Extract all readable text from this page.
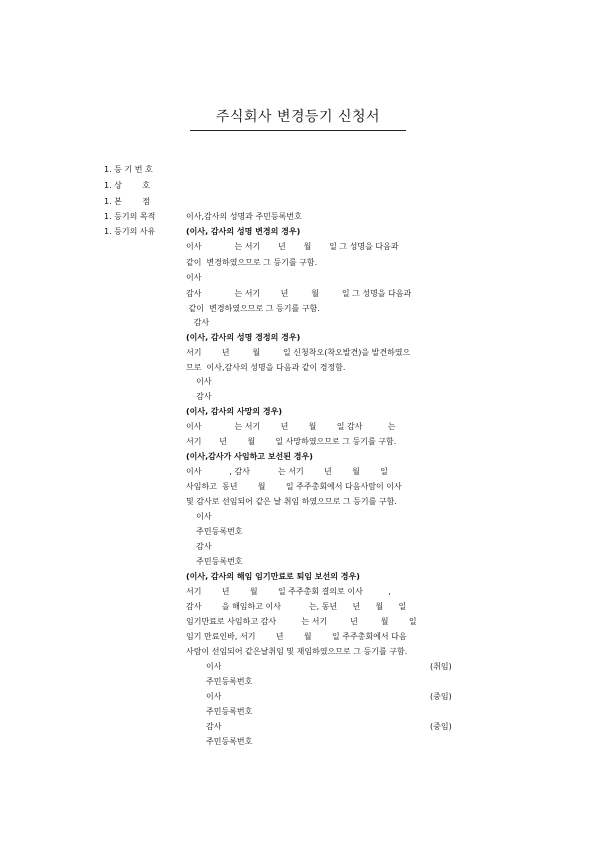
주식회사 변경등기 신청서
1. 등 기 번 호
1. 상        호
1. 본        점
1. 등기의 목적	이사,감사의 성명과 주민등록번호
1. 등기의 사유	(이사, 감사의 성명 변경의 경우)
이사             는 서기       년       월       일 그 성명을 다음과
같이  변경하였으므로 그 등기를 구함.
이사
감사             는 서기        년         월         일 그 성명을 다음과
같이  변경하였으므로 그 등기를 구함.
감사
(이사, 감사의 성명 경정의 경우)
서기        년         월         일 신청착오(착오발견)을 발견하였으
므로  이사,감사의 성명을 다음과 같이 경정함.
이사
감사
(이사, 감사의 사망의 경우)
이사             는 서기        년        월        일 감사          는
서기       년        월        일 사망하였으므로 그 등기를 구함.
(이사,감사가 사임하고 보선된 경우)
이사           , 감사           는 서기        년        월        일
사임하고  동년        월        일 주주총회에서 다음사람이 이사
및 감사로 선임되어 같은 날 취임 하였으므로 그 등기를 구함.
이사
주민등록번호
감사
주민등록번호
(이사, 감사의 해임 임기만료로 퇴임 보선의 경우)
서기        년        월        일 주주총회 결의로 이사          ,
감사        을 해임하고 이사           는, 동년      년      월      일
임기만료로 사임하고 감사          는 서기         년         월        일
임기 만료인바, 서기        년        월        일 주주총회에서 다음
사람이 선임되어 같은날취임 및 재임하였으므로 그 등기를 구함.
이사	(취임)
주민등록번호
이사	(중임)
주민등록번호
감사	(중임)
주민등록번호
